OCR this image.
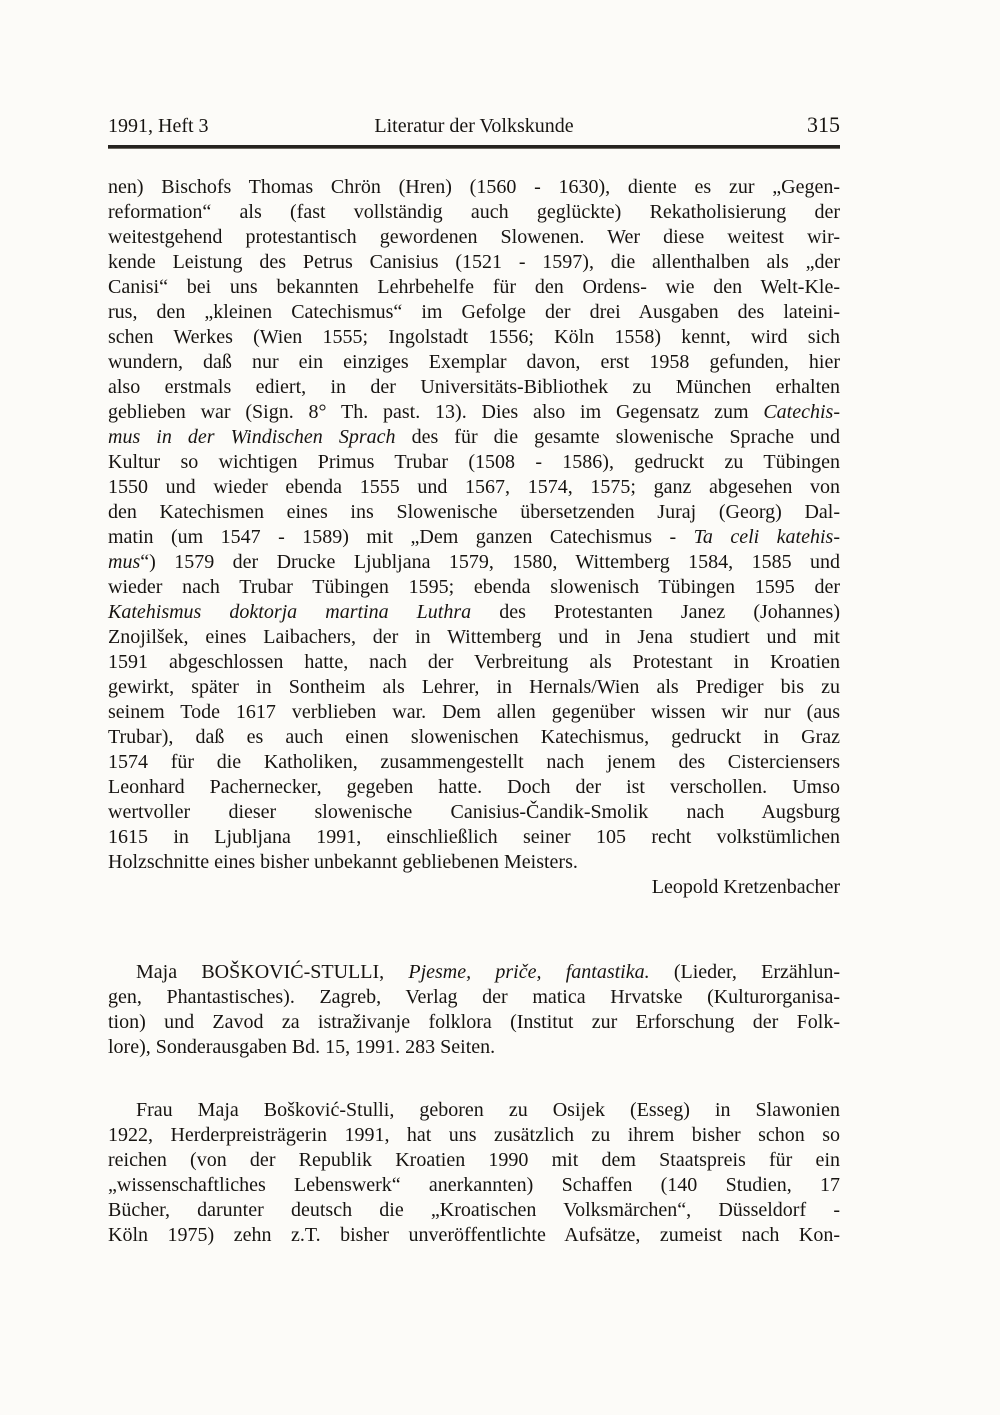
1991, Heft 3	Literatur der Volkskunde	315
nen) Bischofs Thomas Chrön (Hren) (1560 - 1630), diente es zur „Gegen-
reformation“ als (fast vollständig auch geglückte) Rekatholisierung der
weitestgehend protestantisch gewordenen Slowenen. Wer diese weitest wir-
kende Leistung des Petrus Canisius (1521 - 1597), die allenthalben als „der
Canisi“ bei uns bekannten Lehrbehelfe für den Ordens- wie den Welt-Kle-
rus, den „kleinen Catechismus“ im Gefolge der drei Ausgaben des lateini-
schen Werkes (Wien 1555; Ingolstadt 1556; Köln 1558) kennt, wird sich
wundern, daß nur ein einziges Exemplar davon, erst 1958 gefunden, hier
also erstmals ediert, in der Universitäts-Bibliothek zu München erhalten
geblieben war (Sign. 8° Th. past. 13). Dies also im Gegensatz zum Catechis-
mus in der Windischen Sprach des für die gesamte slowenische Sprache und
Kultur so wichtigen Primus Trubar (1508 - 1586), gedruckt zu Tübingen
1550 und wieder ebenda 1555 und 1567, 1574, 1575; ganz abgesehen von
den Katechismen eines ins Slowenische übersetzenden Juraj (Georg) Dal-
matin (um 1547 - 1589) mit „Dem ganzen Catechismus - Ta celi katehis-
mus“) 1579 der Drucke Ljubljana 1579, 1580, Wittemberg 1584, 1585 und
wieder nach Trubar Tübingen 1595; ebenda slowenisch Tübingen 1595 der
Katehismus doktorja martina Luthra des Protestanten Janez (Johannes)
Znojilšek, eines Laibachers, der in Wittemberg und in Jena studiert und mit
1591 abgeschlossen hatte, nach der Verbreitung als Protestant in Kroatien
gewirkt, später in Sontheim als Lehrer, in Hernals/Wien als Prediger bis zu
seinem Tode 1617 verblieben war. Dem allen gegenüber wissen wir nur (aus
Trubar), daß es auch einen slowenischen Katechismus, gedruckt in Graz
1574 für die Katholiken, zusammengestellt nach jenem des Cisterciensers
Leonhard Pachernecker, gegeben hatte. Doch der ist verschollen. Umso
wertvoller dieser slowenische Canisius-Čandik-Smolik nach Augsburg
1615 in Ljubljana 1991, einschließlich seiner 105 recht volkstümlichen
Holzschnitte eines bisher unbekannt gebliebenen Meisters.
Leopold Kretzenbacher
Maja BOŠKOVIĆ-STULLI, Pjesme, priče, fantastika. (Lieder, Erzählun-
gen, Phantastisches). Zagreb, Verlag der matica Hrvatske (Kulturorganisa-
tion) und Zavod za istraživanje folklora (Institut zur Erforschung der Folk-
lore), Sonderausgaben Bd. 15, 1991. 283 Seiten.
Frau Maja Bošković-Stulli, geboren zu Osijek (Esseg) in Slawonien
1922, Herderpreisträgerin 1991, hat uns zusätzlich zu ihrem bisher schon so
reichen (von der Republik Kroatien 1990 mit dem Staatspreis für ein
„wissenschaftliches Lebenswerk“ anerkannten) Schaffen (140 Studien, 17
Bücher, darunter deutsch die „Kroatischen Volksmärchen“, Düsseldorf -
Köln 1975) zehn z.T. bisher unveröffentlichte Aufsätze, zumeist nach Kon-
